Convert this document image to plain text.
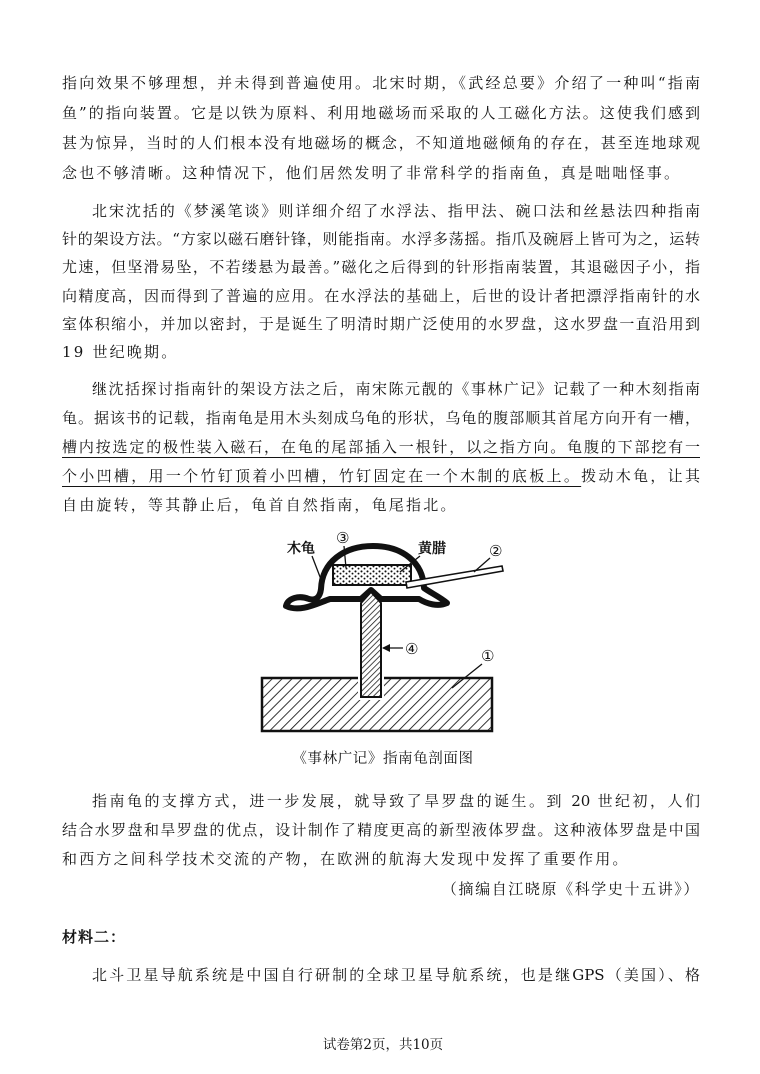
指向效果不够理想，并未得到普遍使用。北宋时期，《武经总要》介绍了一种叫“指南
鱼”的指向装置。它是以铁为原料、利用地磁场而采取的人工磁化方法。这使我们感到
甚为惊异，当时的人们根本没有地磁场的概念，不知道地磁倾角的存在，甚至连地球观
念也不够清晰。这种情况下，他们居然发明了非常科学的指南鱼，真是咄咄怪事。
北宋沈括的《梦溪笔谈》则详细介绍了水浮法、指甲法、碗口法和丝悬法四种指南
针的架设方法。“方家以磁石磨针锋，则能指南。水浮多荡摇。指爪及碗唇上皆可为之，运转
尤速，但坚滑易坠，不若缕悬为最善。”磁化之后得到的针形指南装置，其退磁因子小，指
向精度高，因而得到了普遍的应用。在水浮法的基础上，后世的设计者把漂浮指南针的水
室体积缩小，并加以密封，于是诞生了明清时期广泛使用的水罗盘，这水罗盘一直沿用到
19 世纪晚期。
继沈括探讨指南针的架设方法之后，南宋陈元靓的《事林广记》记载了一种木刻指南
龟。据该书的记载，指南龟是用木头刻成乌龟的形状，乌龟的腹部顺其首尾方向开有一槽，
槽内按选定的极性装入磁石，在龟的尾部插入一根针，以之指方向。龟腹的下部挖有一
个小凹槽，用一个竹钉顶着小凹槽，竹钉固定在一个木制的底板上。拨动木龟，让其
自由旋转，等其静止后，龟首自然指南，龟尾指北。
木龟
③
黄腊	②
④	①
《事林广记》指南龟剖面图
指南龟的支撑方式，进一步发展，就导致了旱罗盘的诞生。到 20 世纪初，人们
结合水罗盘和旱罗盘的优点，设计制作了精度更高的新型液体罗盘。这种液体罗盘是中国
和西方之间科学技术交流的产物，在欧洲的航海大发现中发挥了重要作用。
（摘编自江晓原《科学史十五讲》）
材料二：
北斗卫星导航系统是中国自行研制的全球卫星导航系统，也是继GPS（美国）、格
试卷第2页，共10页
